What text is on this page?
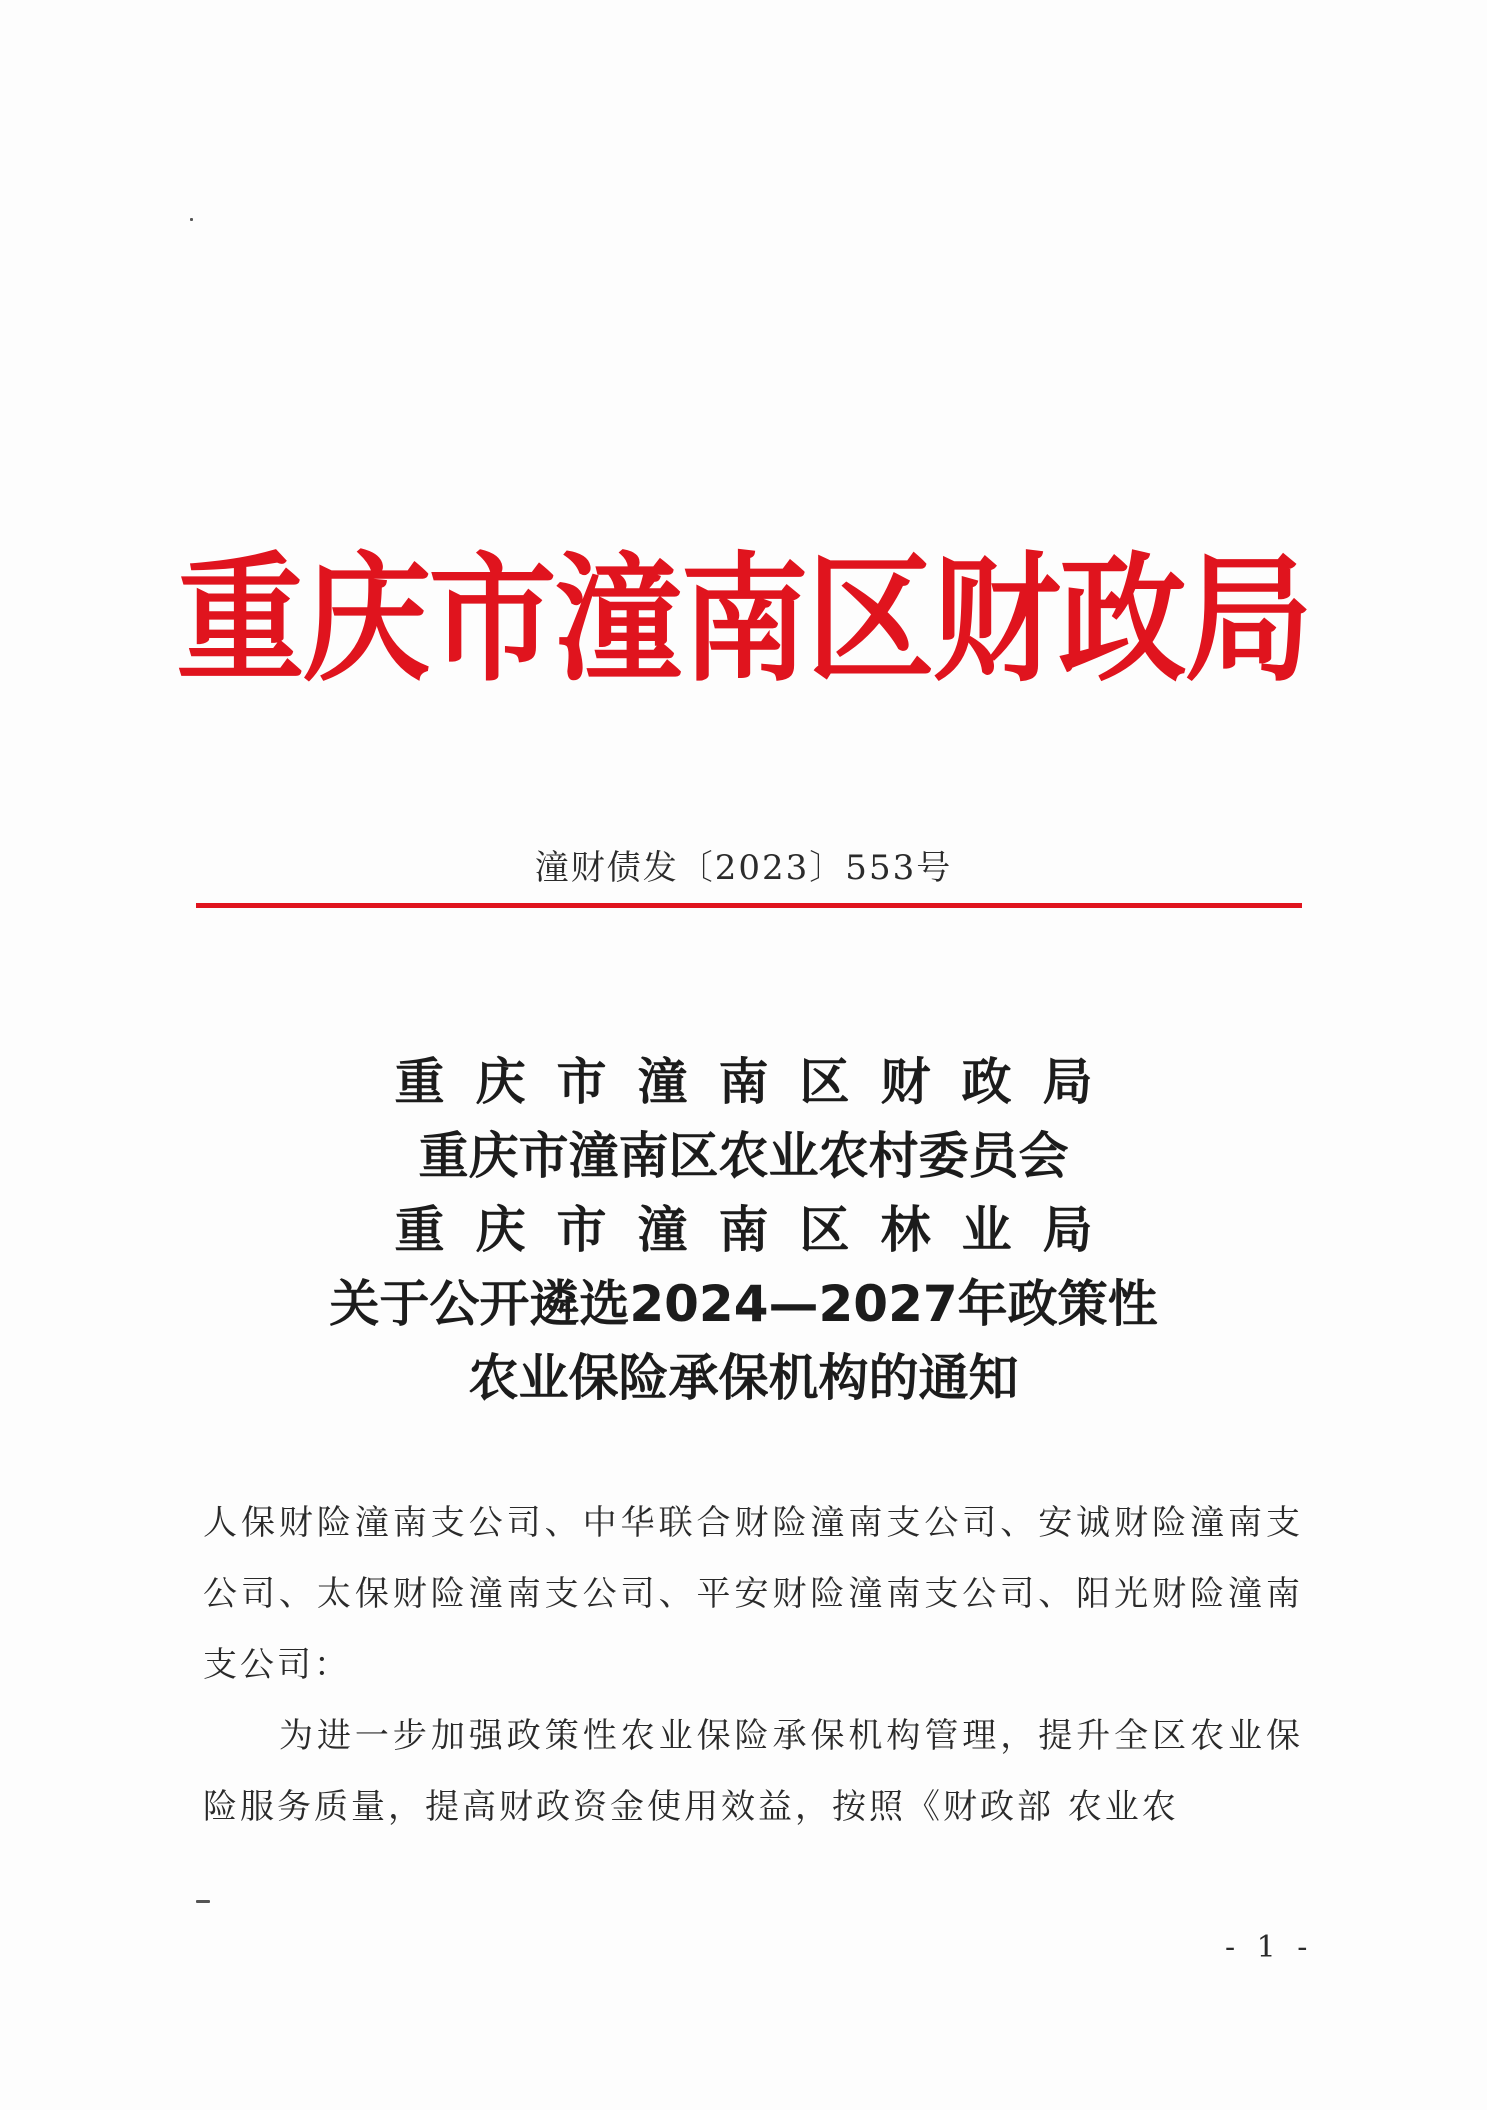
重庆市潼南区财政局
潼财债发〔2023〕553号
重庆市潼南区财政局
重庆市潼南区农业农村委员会
重庆市潼南区林业局
关于公开遴选2024—2027年政策性
农业保险承保机构的通知

人保财险潼南支公司、中华联合财险潼南支公司、安诚财险潼南支公司、太保财险潼南支公司、平安财险潼南支公司、阳光财险潼南支公司：

为进一步加强政策性农业保险承保机构管理，提升全区农业保险服务质量，提高财政资金使用效益，按照《财政部 农业农

- 1 -
